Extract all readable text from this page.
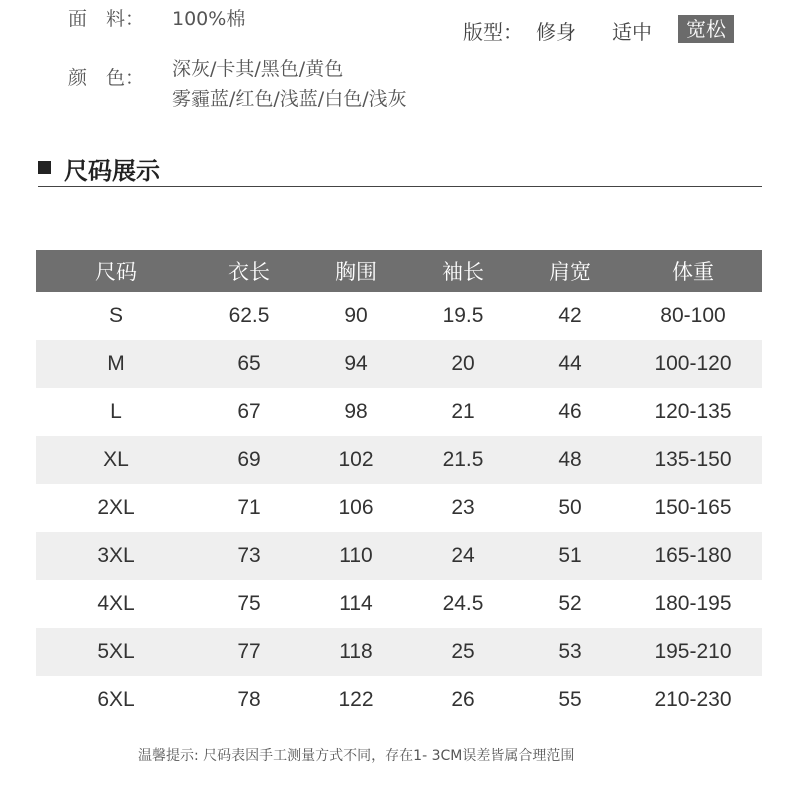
面　料： 100%棉
颜　色： 深灰/卡其/黑色/黄色
雾霾蓝/红色/浅蓝/白色/浅灰
版型： 修身 适中	宽松
尺码展示
尺码	衣长	胸围	袖长	肩宽	体重
S	62.5	90	19.5	42	80-100
M	65	94	20	44	100-120
L	67	98	21	46	120-135
XL	69	102	21.5	48	135-150
2XL	71	106	23	50	150-165
3XL	73	110	24	51	165-180
4XL	75	114	24.5	52	180-195
5XL	77	118	25	53	195-210
6XL	78	122	26	55	210-230
温馨提示: 尺码表因手工测量方式不同，存在1- 3CM误差皆属合理范围
